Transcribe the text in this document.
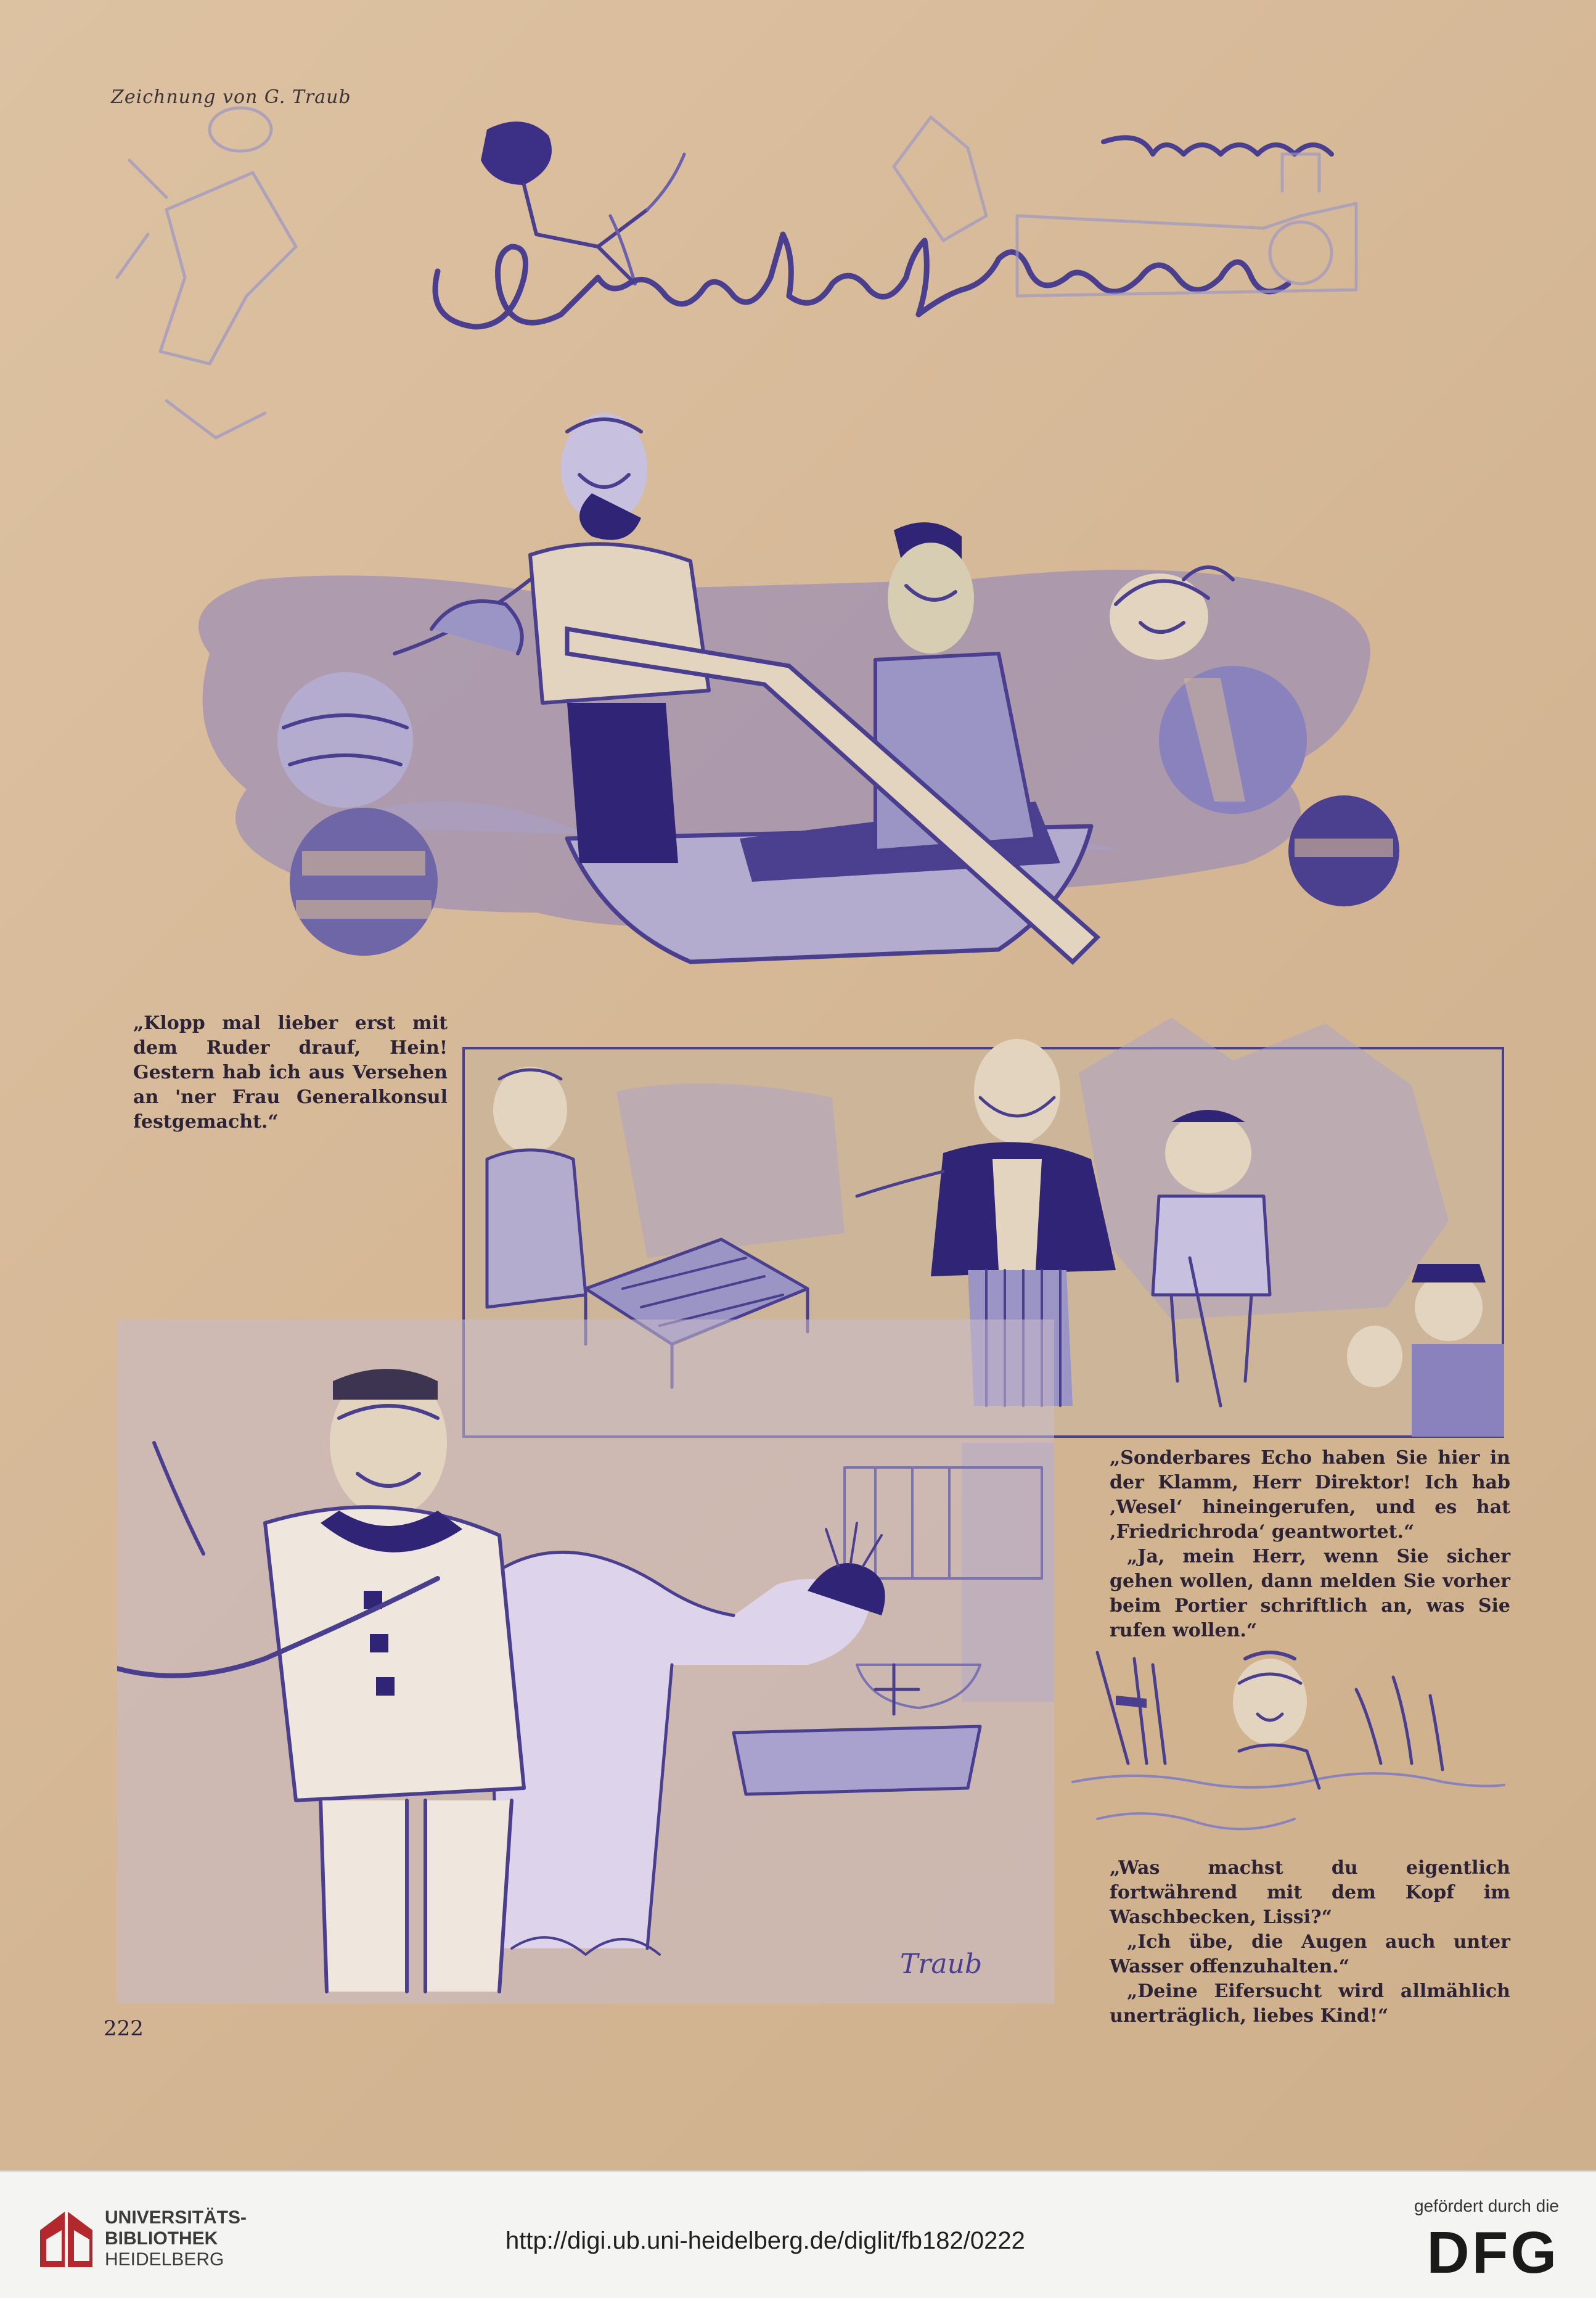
Zeichnung von G. Traub
Urlaub und Heimkehr

„Klopp mal lieber erst mit dem Ruder drauf, Hein! Gestern hab ich aus Versehen an 'ner Frau Generalkonsul festgemacht.“

„Sonderbares Echo haben Sie hier in der Klamm, Herr Direktor! Ich hab ‚Wesel‘ hineingerufen, und es hat ‚Friedrichroda‘ geantwortet.“
„Ja, mein Herr, wenn Sie sicher gehen wollen, dann melden Sie vorher beim Portier schriftlich an, was Sie rufen wollen.“

Traub

„Was machst du eigentlich fortwährend mit dem Kopf im Waschbecken, Lissi?“
„Ich übe, die Augen auch unter Wasser offenzuhalten.“
„Deine Eifersucht wird allmählich unerträglich, liebes Kind!“

222
UNIVERSITÄTS-
BIBLIOTHEK
HEIDELBERG
http://digi.ub.uni-heidelberg.de/diglit/fb182/0222
gefördert durch die
DFG
